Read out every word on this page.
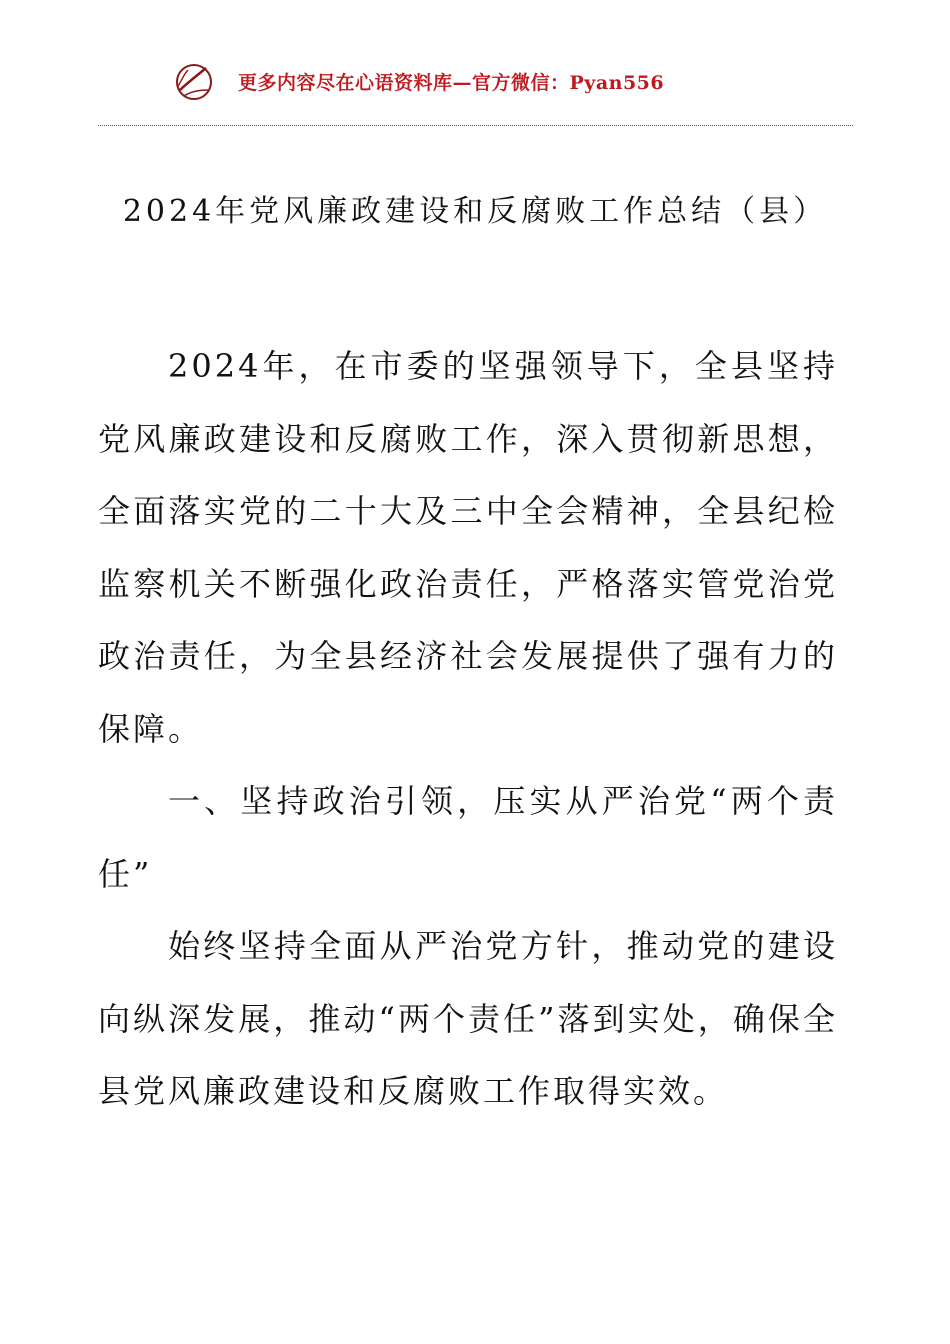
更多内容尽在心语资料库—官方微信：Pyan556
2024年党风廉政建设和反腐败工作总结（县）

2024年，在市委的坚强领导下，全县坚持党风廉政建设和反腐败工作，深入贯彻新思想，全面落实党的二十大及三中全会精神，全县纪检监察机关不断强化政治责任，严格落实管党治党政治责任，为全县经济社会发展提供了强有力的保障。

一、坚持政治引领，压实从严治党“两个责任”

始终坚持全面从严治党方针，推动党的建设向纵深发展，推动“两个责任”落到实处，确保全县党风廉政建设和反腐败工作取得实效。
